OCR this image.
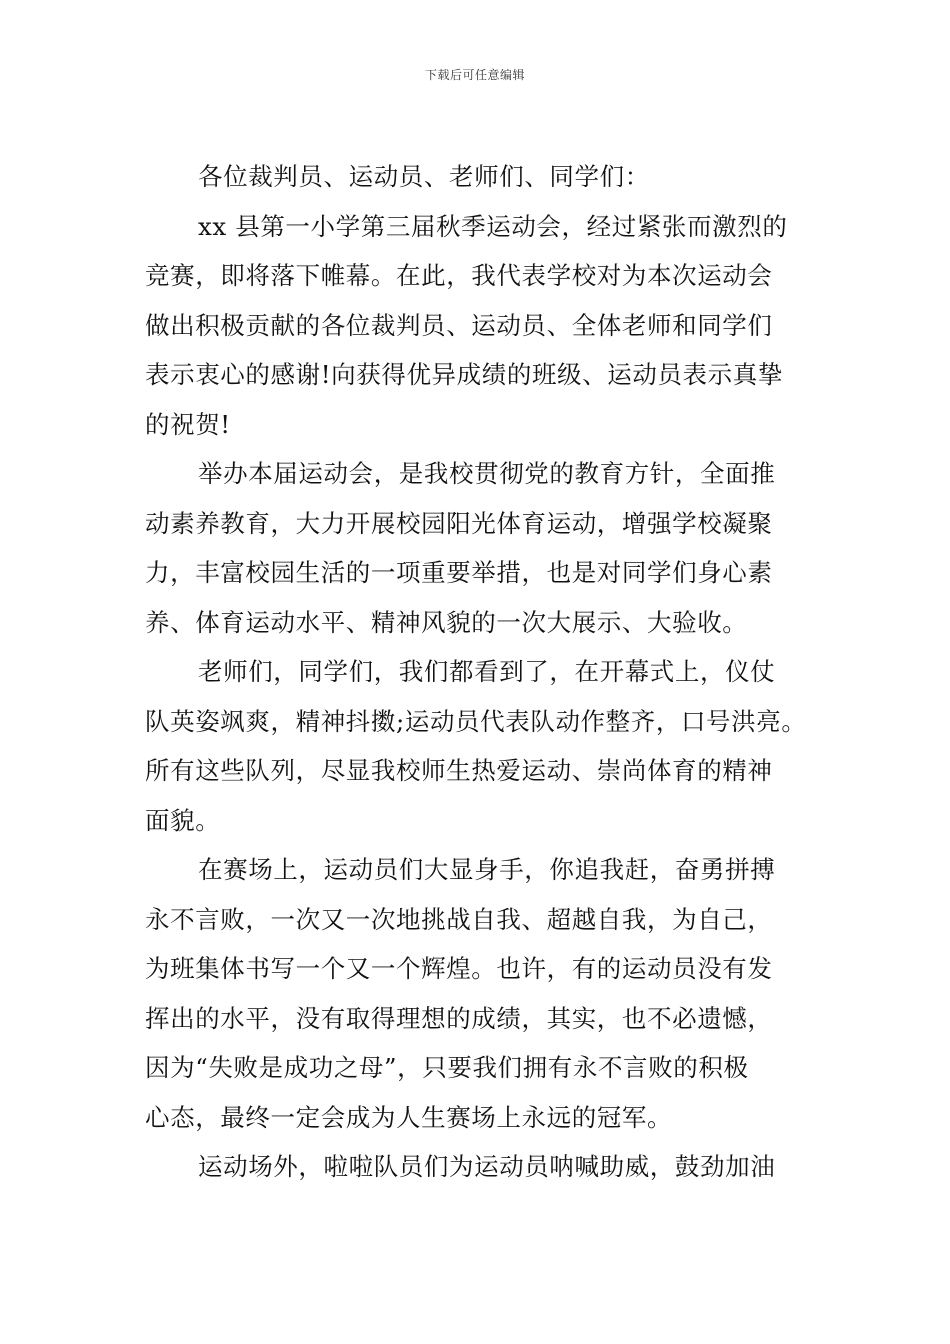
下载后可任意编辑
各位裁判员、运动员、老师们、同学们：
xx 县第一小学第三届秋季运动会，经过紧张而激烈的
竞赛，即将落下帷幕。在此，我代表学校对为本次运动会
做出积极贡献的各位裁判员、运动员、全体老师和同学们
表示衷心的感谢!向获得优异成绩的班级、运动员表示真挚
的祝贺!
举办本届运动会，是我校贯彻党的教育方针，全面推
动素养教育，大力开展校园阳光体育运动，增强学校凝聚
力，丰富校园生活的一项重要举措，也是对同学们身心素
养、体育运动水平、精神风貌的一次大展示、大验收。
老师们，同学们，我们都看到了，在开幕式上，仪仗
队英姿飒爽，精神抖擞;运动员代表队动作整齐，口号洪亮。
所有这些队列，尽显我校师生热爱运动、崇尚体育的精神
面貌。
在赛场上，运动员们大显身手，你追我赶，奋勇拼搏
永不言败，一次又一次地挑战自我、超越自我，为自己，
为班集体书写一个又一个辉煌。也许，有的运动员没有发
挥出的水平，没有取得理想的成绩，其实，也不必遗憾，
因为“失败是成功之母”，只要我们拥有永不言败的积极
心态，最终一定会成为人生赛场上永远的冠军。
运动场外，啦啦队员们为运动员呐喊助威，鼓劲加油
